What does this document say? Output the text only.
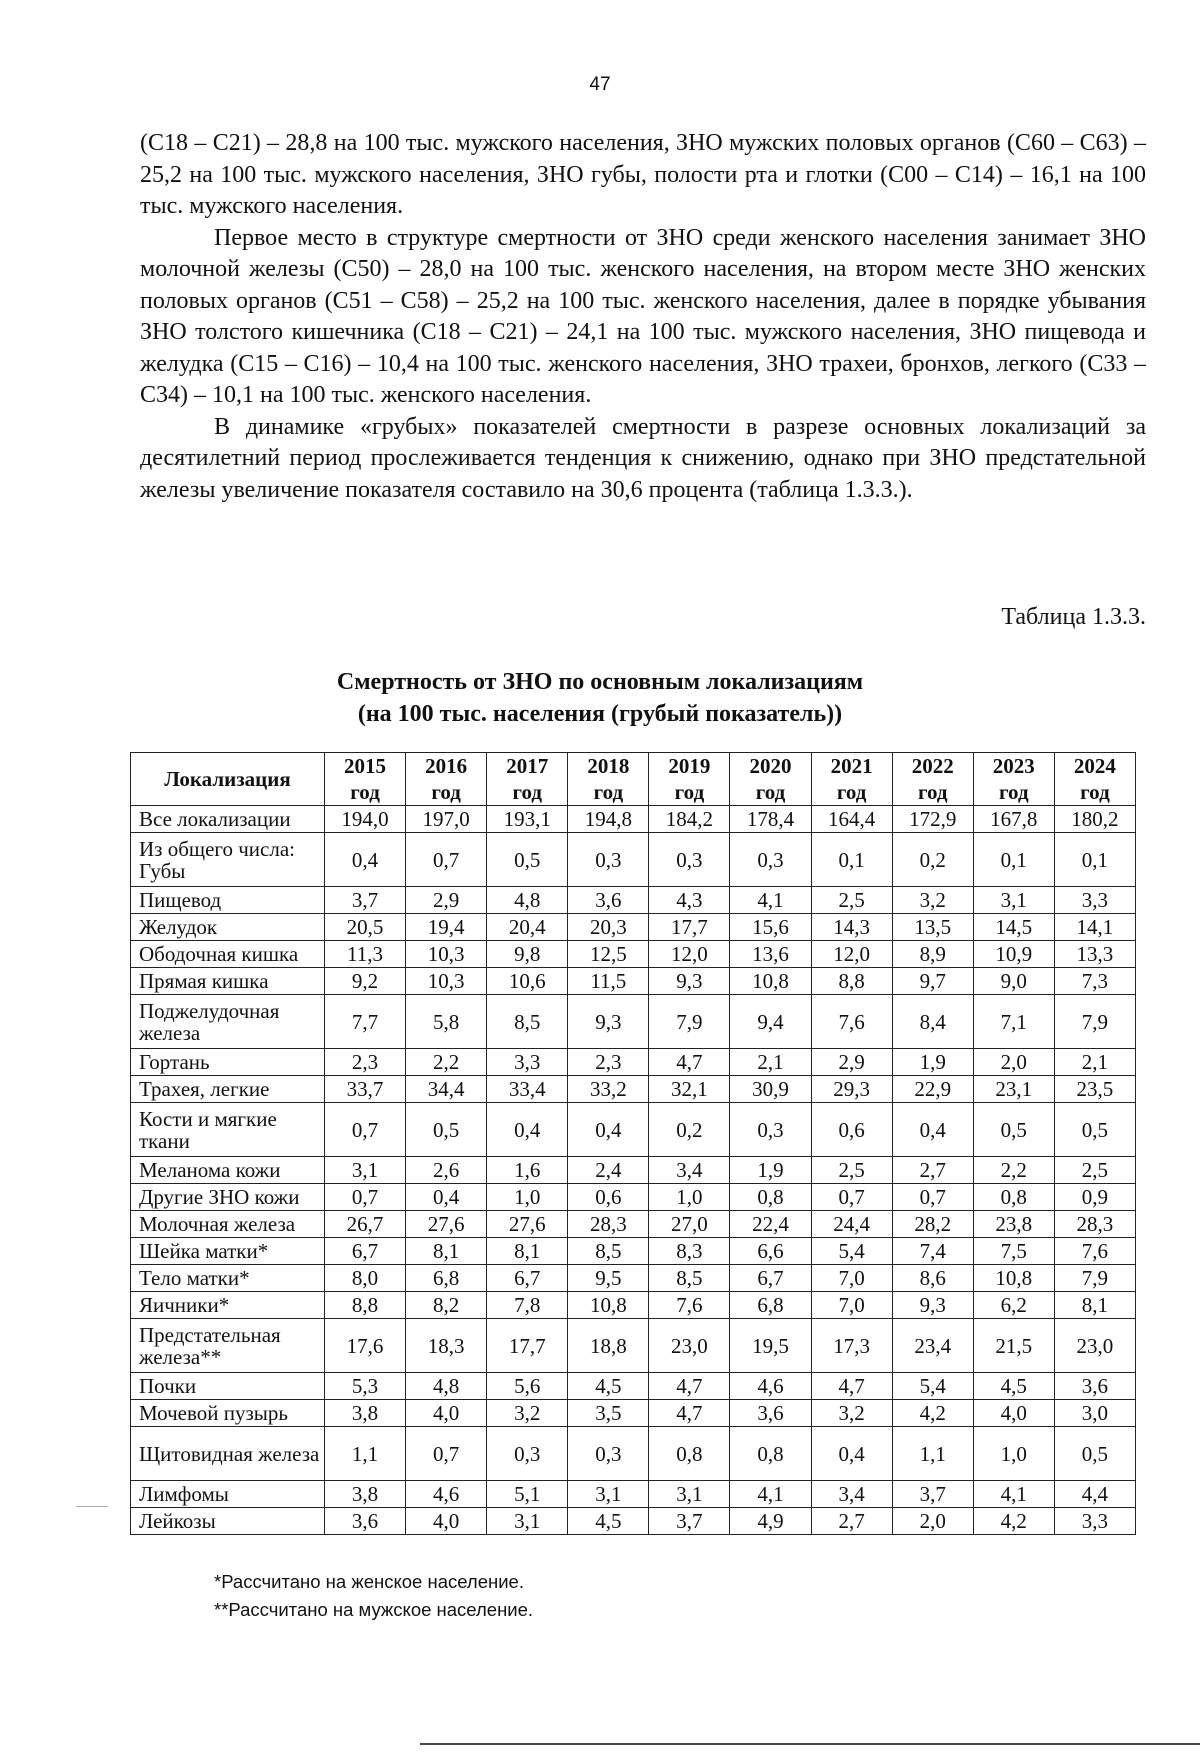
47

(С18 – С21) – 28,8 на 100 тыс. мужского населения, ЗНО мужских половых органов (С60 – С63) – 25,2 на 100 тыс. мужского населения, ЗНО губы, полости рта и глотки (С00 – С14) – 16,1 на 100 тыс. мужского населения.

Первое место в структуре смертности от ЗНО среди женского населения занимает ЗНО молочной железы (С50) – 28,0 на 100 тыс. женского населения, на втором месте ЗНО женских половых органов (С51 – С58) – 25,2 на 100 тыс. женского населения, далее в порядке убывания ЗНО толстого кишечника (С18 – С21) – 24,1 на 100 тыс. мужского населения, ЗНО пищевода и желудка (С15 – С16) – 10,4 на 100 тыс. женского населения, ЗНО трахеи, бронхов, легкого (С33 – С34) – 10,1 на 100 тыс. женского населения.

В динамике «грубых» показателей смертности в разрезе основных локализаций за десятилетний период прослеживается тенденция к снижению, однако при ЗНО предстательной железы увеличение показателя составило на 30,6 процента (таблица 1.3.3.).

Таблица 1.3.3.
Смертность от ЗНО по основным локализациям
(на 100 тыс. населения (грубый показатель))
Локализация	2015 год	2016 год	2017 год	2018 год	2019 год	2020 год	2021 год	2022 год	2023 год	2024 год
Все локализации	194,0	197,0	193,1	194,8	184,2	178,4	164,4	172,9	167,8	180,2
Из общего числа: Губы	0,4	0,7	0,5	0,3	0,3	0,3	0,1	0,2	0,1	0,1
Пищевод	3,7	2,9	4,8	3,6	4,3	4,1	2,5	3,2	3,1	3,3
Желудок	20,5	19,4	20,4	20,3	17,7	15,6	14,3	13,5	14,5	14,1
Ободочная кишка	11,3	10,3	9,8	12,5	12,0	13,6	12,0	8,9	10,9	13,3
Прямая кишка	9,2	10,3	10,6	11,5	9,3	10,8	8,8	9,7	9,0	7,3
Поджелудочная железа	7,7	5,8	8,5	9,3	7,9	9,4	7,6	8,4	7,1	7,9
Гортань	2,3	2,2	3,3	2,3	4,7	2,1	2,9	1,9	2,0	2,1
Трахея, легкие	33,7	34,4	33,4	33,2	32,1	30,9	29,3	22,9	23,1	23,5
Кости и мягкие ткани	0,7	0,5	0,4	0,4	0,2	0,3	0,6	0,4	0,5	0,5
Меланома кожи	3,1	2,6	1,6	2,4	3,4	1,9	2,5	2,7	2,2	2,5
Другие ЗНО кожи	0,7	0,4	1,0	0,6	1,0	0,8	0,7	0,7	0,8	0,9
Молочная железа	26,7	27,6	27,6	28,3	27,0	22,4	24,4	28,2	23,8	28,3
Шейка матки*	6,7	8,1	8,1	8,5	8,3	6,6	5,4	7,4	7,5	7,6
Тело матки*	8,0	6,8	6,7	9,5	8,5	6,7	7,0	8,6	10,8	7,9
Яичники*	8,8	8,2	7,8	10,8	7,6	6,8	7,0	9,3	6,2	8,1
Предстательная железа**	17,6	18,3	17,7	18,8	23,0	19,5	17,3	23,4	21,5	23,0
Почки	5,3	4,8	5,6	4,5	4,7	4,6	4,7	5,4	4,5	3,6
Мочевой пузырь	3,8	4,0	3,2	3,5	4,7	3,6	3,2	4,2	4,0	3,0
Щитовидная железа	1,1	0,7	0,3	0,3	0,8	0,8	0,4	1,1	1,0	0,5
Лимфомы	3,8	4,6	5,1	3,1	3,1	4,1	3,4	3,7	4,1	4,4
Лейкозы	3,6	4,0	3,1	4,5	3,7	4,9	2,7	2,0	4,2	3,3
*Рассчитано на женское население.
**Рассчитано на мужское население.
